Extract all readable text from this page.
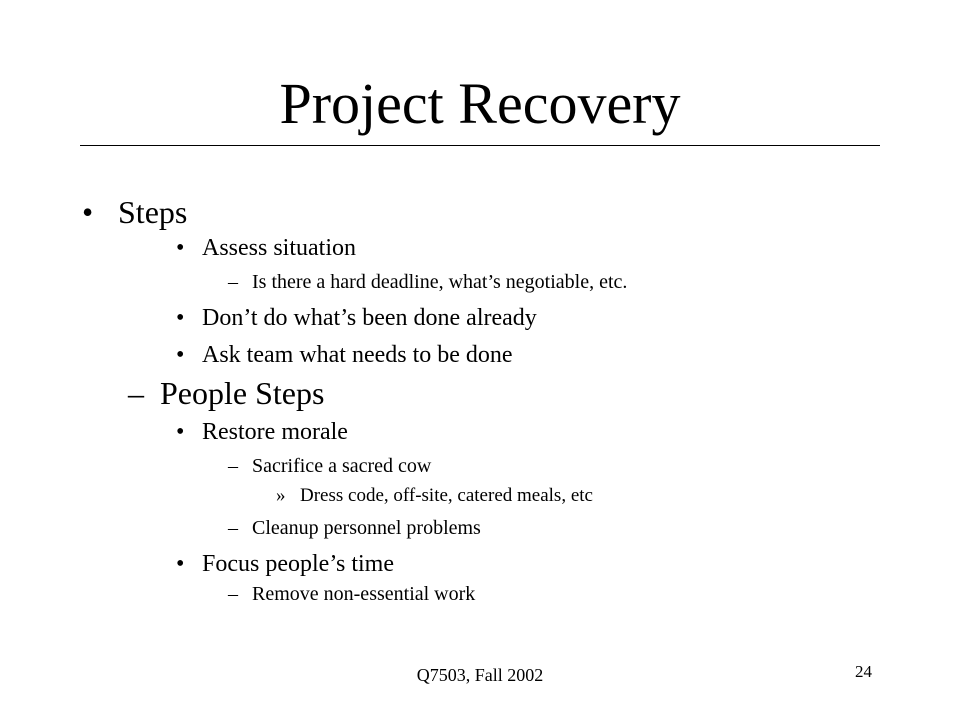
Project Recovery
• Steps
• Assess situation
– Is there a hard deadline, what’s negotiable, etc.
• Don’t do what’s been done already
• Ask team what needs to be done
– People Steps
• Restore morale
– Sacrifice a sacred cow
» Dress code, off-site, catered meals, etc
– Cleanup personnel problems
• Focus people’s time
– Remove non-essential work
Q7503, Fall 2002	24
